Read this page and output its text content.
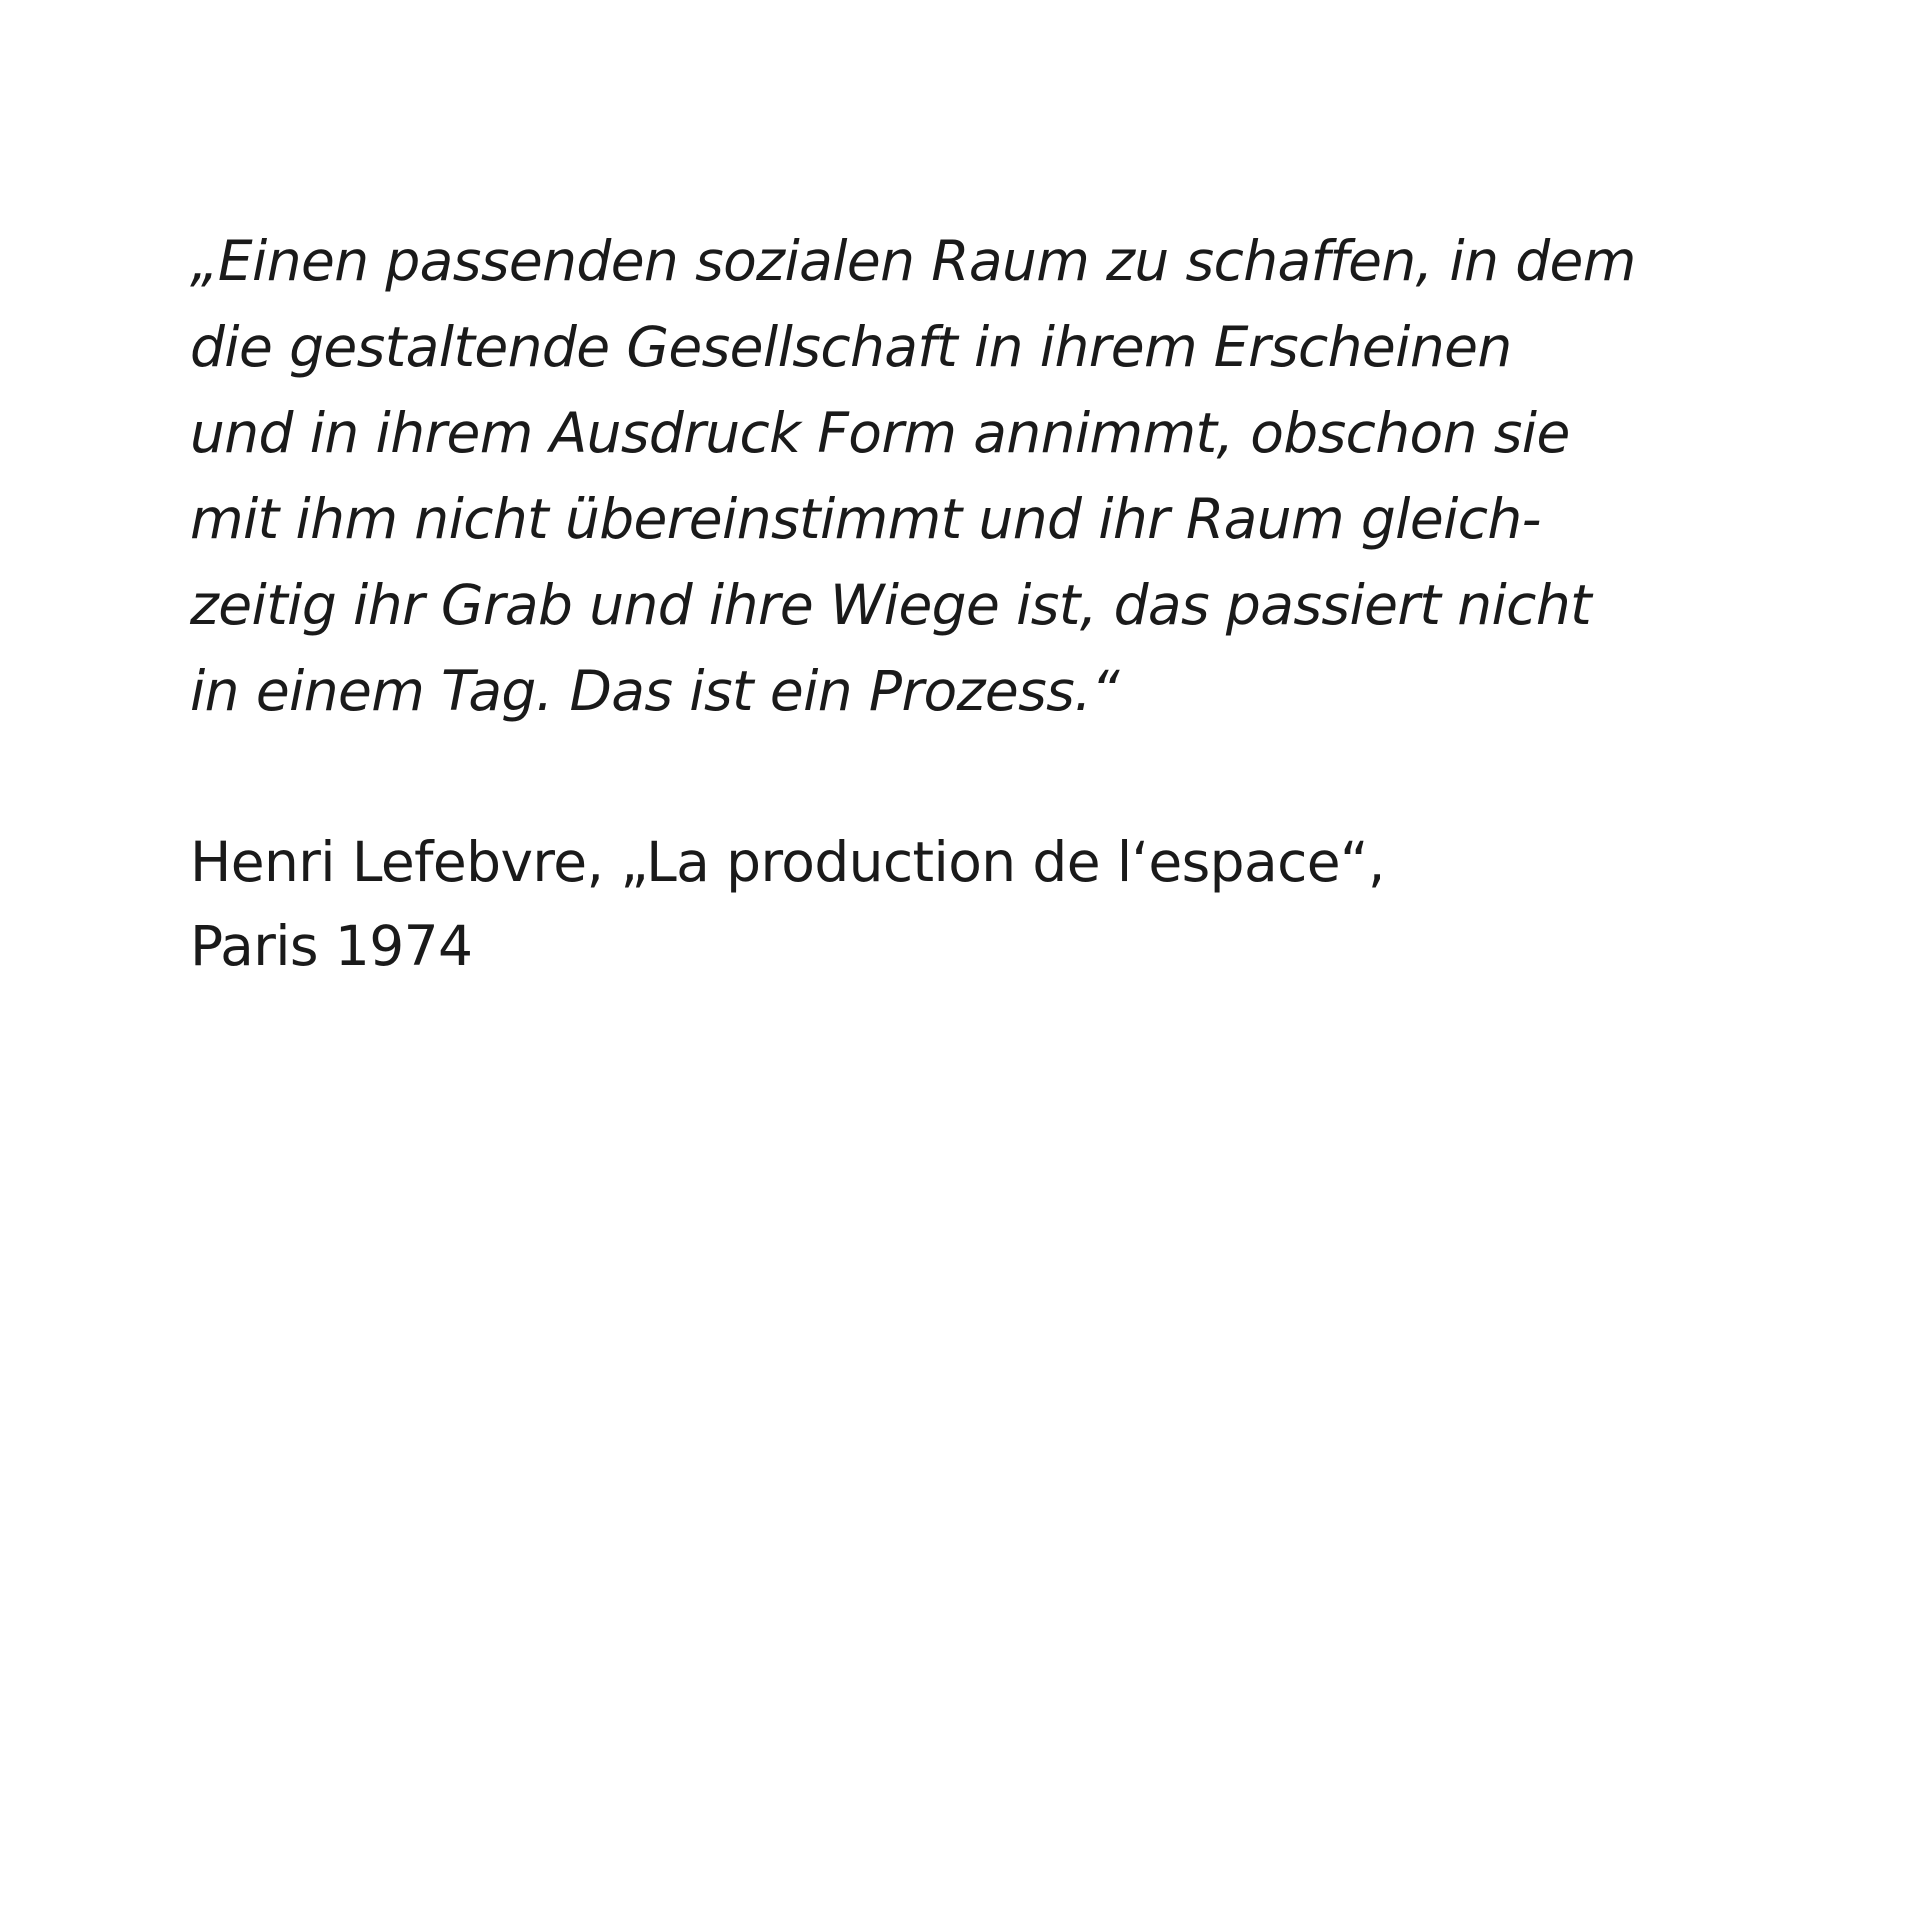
„Einen passenden sozialen Raum zu schaffen, in dem
die gestaltende Gesellschaft in ihrem Erscheinen
und in ihrem Ausdruck Form annimmt, obschon sie
mit ihm nicht übereinstimmt und ihr Raum gleich-
zeitig ihr Grab und ihre Wiege ist, das passiert nicht
in einem Tag. Das ist ein Prozess.“

Henri Lefebvre, „La production de l‘espace“,
Paris 1974
